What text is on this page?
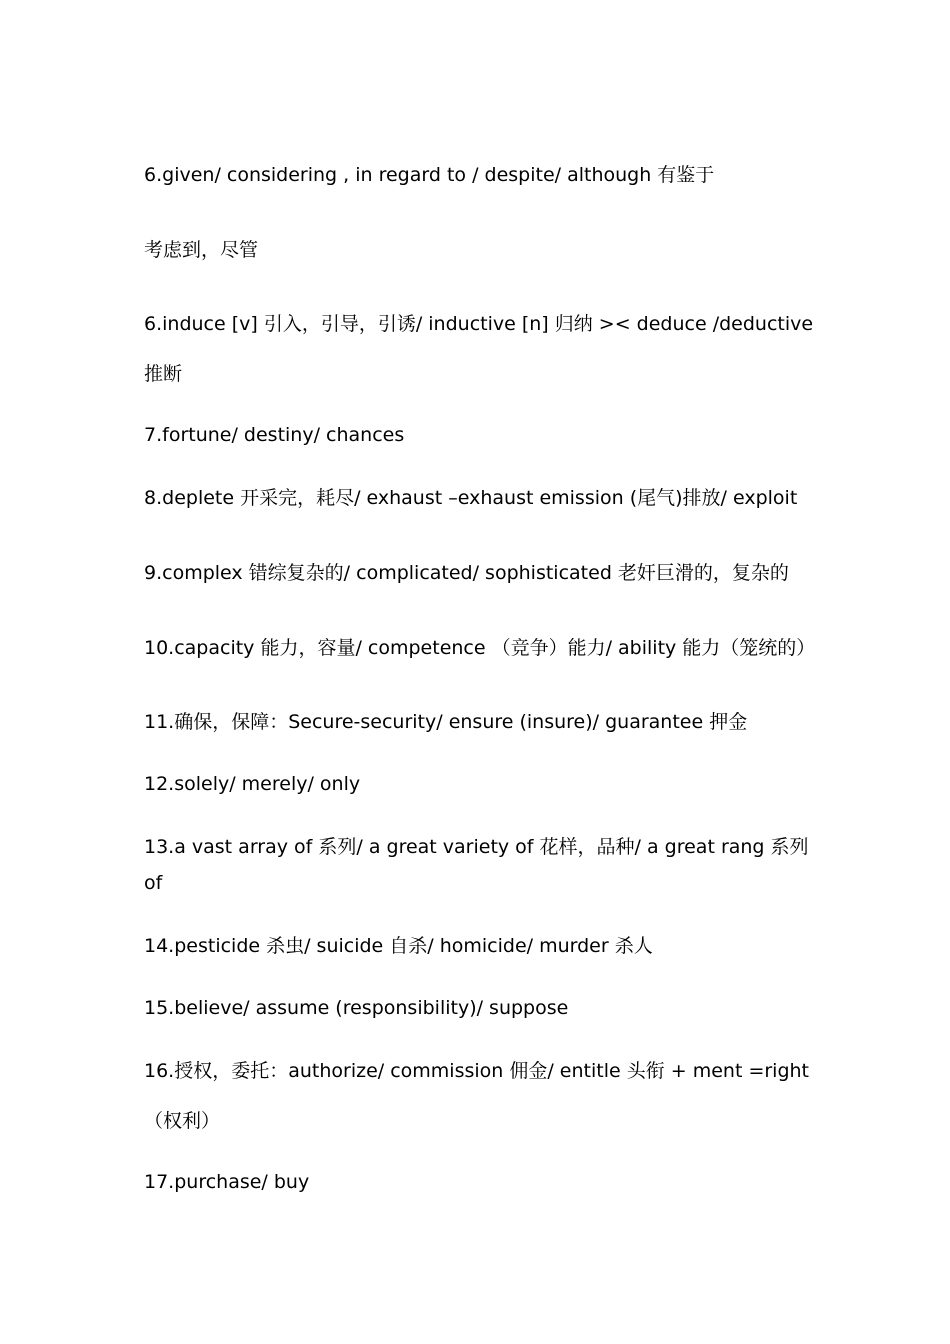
6.given/ considering , in regard to / despite/ although 有鉴于
考虑到，尽管
6.induce [v] 引入，引导，引诱/ inductive [n] 归纳 >< deduce /deductive
推断
7.fortune/ destiny/ chances
8.deplete 开采完，耗尽/ exhaust –exhaust emission (尾气)排放/ exploit
9.complex 错综复杂的/ complicated/ sophisticated 老奸巨滑的，复杂的
10.capacity 能力，容量/ competence （竞争）能力/ ability 能力（笼统的）
11.确保，保障：Secure-security/ ensure (insure)/ guarantee 押金
12.solely/ merely/ only
13.a vast array of 系列/ a great variety of 花样，品种/ a great rang 系列
of
14.pesticide 杀虫/ suicide 自杀/ homicide/ murder 杀人
15.believe/ assume (responsibility)/ suppose
16.授权，委托：authorize/ commission 佣金/ entitle 头衔 + ment =right
（权利）
17.purchase/ buy
